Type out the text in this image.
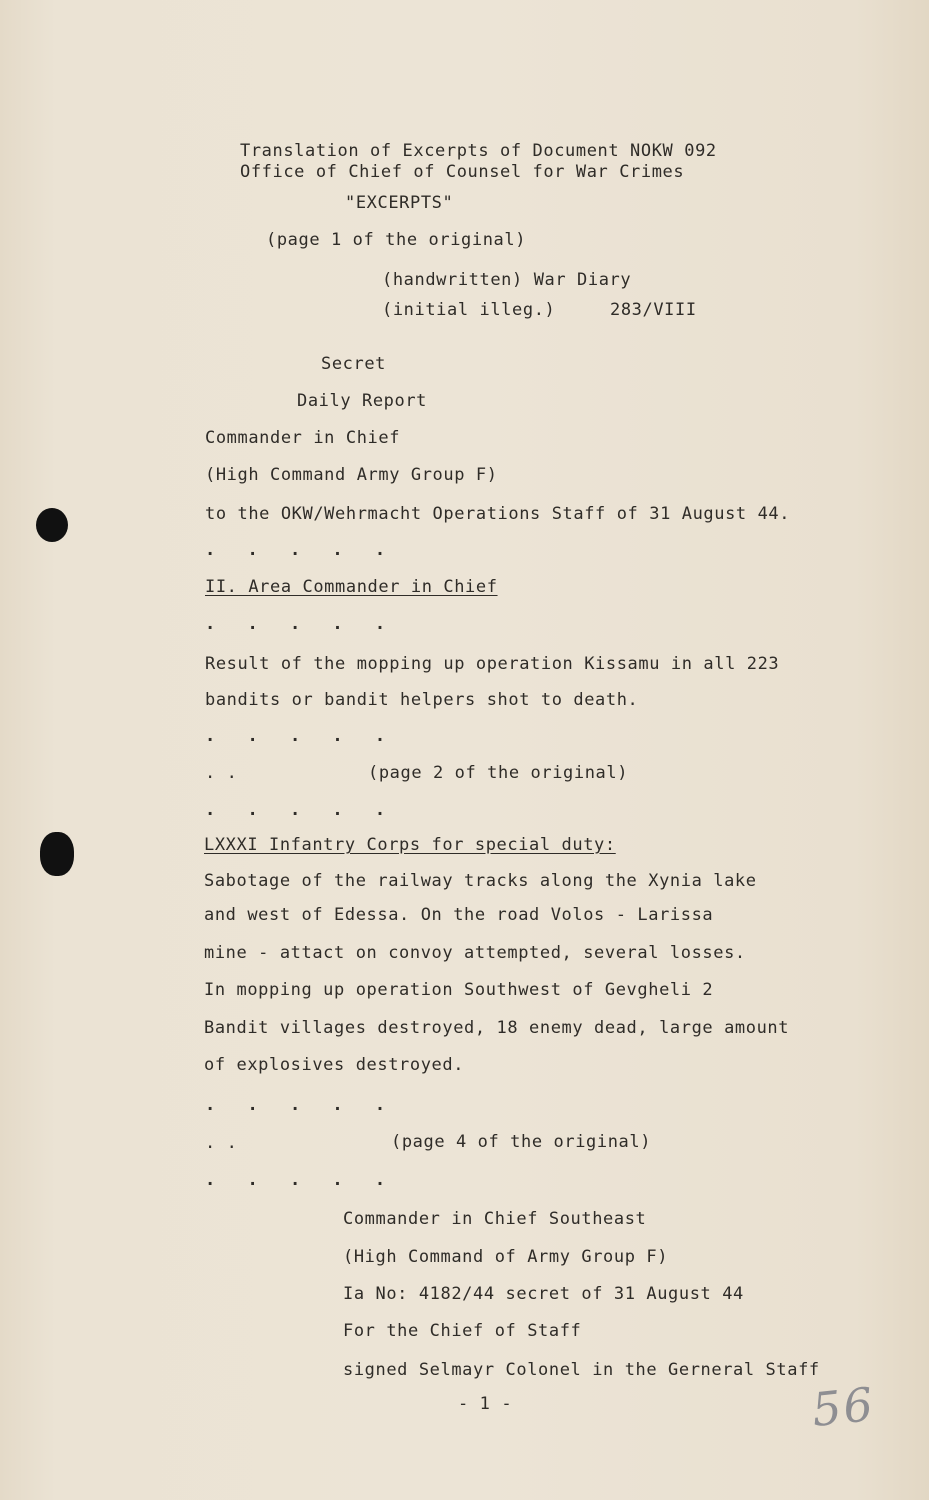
Translation of Excerpts of Document NOKW 092
Office of Chief of Counsel for War Crimes
"EXCERPTS"
(page 1 of the original)
(handwritten) War Diary
(initial illeg.)	283/VIII
Secret
Daily Report
Commander in Chief
(High Command Army Group F)
to the OKW/Wehrmacht Operations Staff of 31 August 44.
. . . . .
II. Area Commander in Chief
. . . . .
Result of the mopping up operation Kissamu in all 223
bandits or bandit helpers shot to death.
. . . . .
. .	(page 2 of the original)
. . . . .
LXXXI Infantry Corps for special duty:
Sabotage of the railway tracks along the Xynia lake
and west of Edessa. On the road Volos - Larissa
mine - attact on convoy attempted, several losses.
In mopping up operation Southwest of Gevgheli 2
Bandit villages destroyed, 18 enemy dead, large amount
of explosives destroyed.
. . . . .
. .	(page 4 of the original)
. . . . .
Commander in Chief Southeast
(High Command of Army Group F)
Ia No: 4182/44 secret of 31 August 44
For the Chief of Staff
signed Selmayr Colonel in the Gerneral Staff
- 1 -	56
